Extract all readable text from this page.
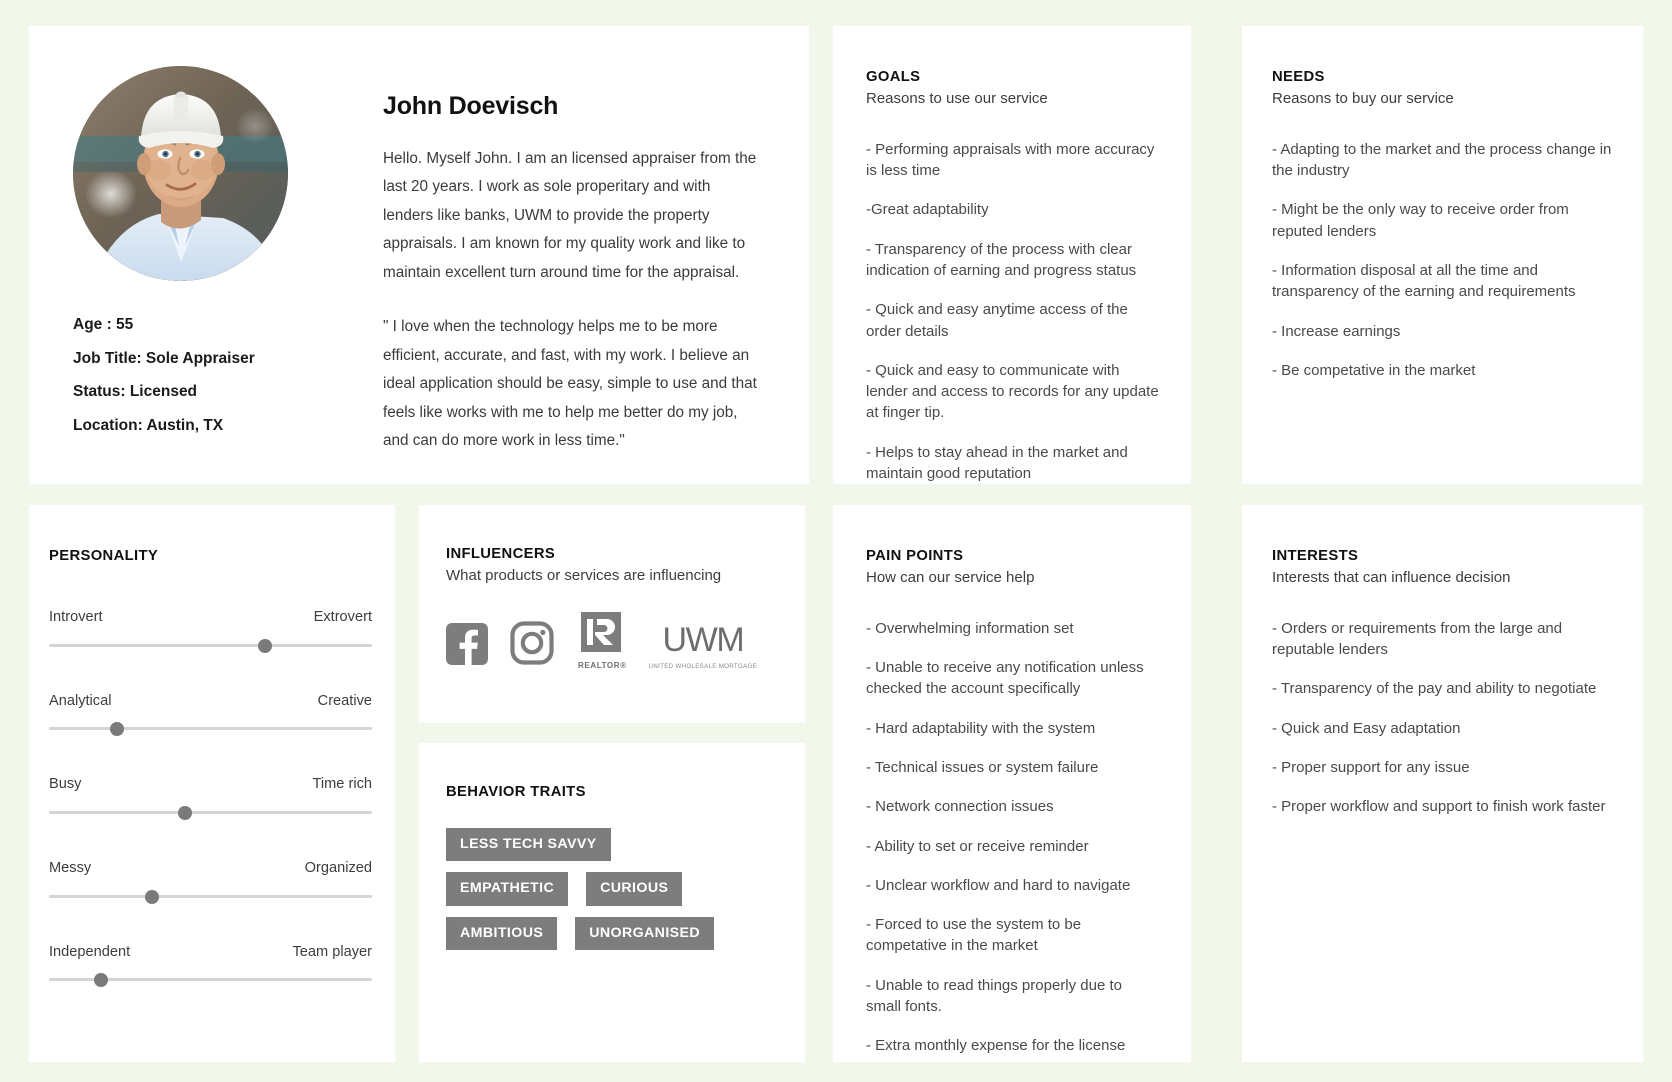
Age : 55
Job Title: Sole Appraiser
Status: Licensed
Location: Austin, TX
John Doevisch

Hello. Myself John. I am an licensed appraiser from the last 20 years. I work as sole properitary and with lenders like banks, UWM to provide the property appraisals. I am known for my quality work and like to maintain excellent turn around time for the appraisal.

" I love when the technology helps me to be more efficient, accurate, and fast, with my work. I believe an ideal application should be easy, simple to use and that feels like works with me to help me better do my job, and can do more work in less time."

GOALS

Reasons to use our service

- Performing appraisals with more accuracy is less time
-Great adaptability
- Transparency of the process with clear indication of earning and progress status
- Quick and easy anytime access of the order details
- Quick and easy to communicate with lender and access to records for any update at finger tip.
- Helps to stay ahead in the market and maintain good reputation
NEEDS

Reasons to buy our service

- Adapting to the market and the process change in the industry
- Might be the only way to receive order from reputed lenders
- Information disposal at all the time and transparency of the earning and requirements
- Increase earnings
- Be competative in the market
PERSONALITY
Introvert	Extrovert
Analytical	Creative
Busy	Time rich
Messy	Organized
Independent	Team player
INFLUENCERS

What products or services are influencing

REALTOR®
UWM
UNITED WHOLESALE MORTGAGE
BEHAVIOR TRAITS
LESS TECH SAVVY
EMPATHETIC	CURIOUS
AMBITIOUS	UNORGANISED
PAIN POINTS

How can our service help

- Overwhelming information set
- Unable to receive any notification unless checked the account specifically
- Hard adaptability with the system
- Technical issues or system failure
- Network connection issues
- Ability to set or receive reminder
- Unclear workflow and hard to navigate
- Forced to use the system to be competative in the market
- Unable to read things properly due to small fonts.
- Extra monthly expense for the license
INTERESTS

Interests that can influence decision

- Orders or requirements from the large and reputable lenders
- Transparency of the pay and ability to negotiate
- Quick and Easy adaptation
- Proper support for any issue
- Proper workflow and support to finish work faster
